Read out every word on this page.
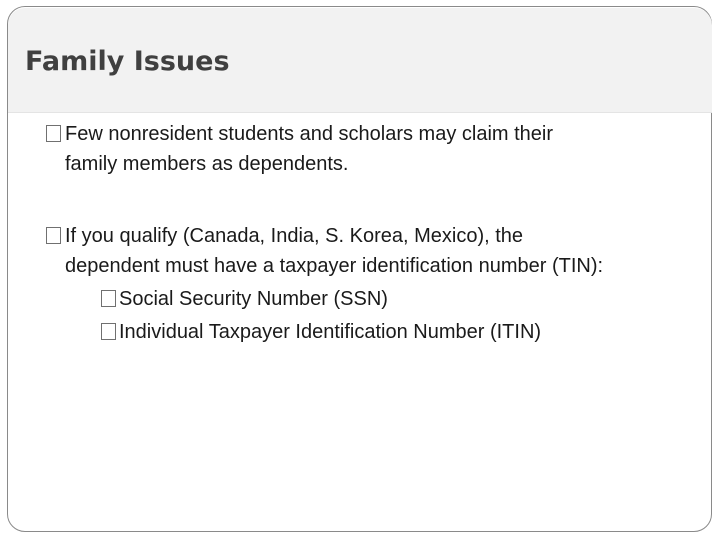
Family Issues
Few nonresident students and scholars may claim their
family members as dependents.
If you qualify (Canada, India, S. Korea, Mexico), the
dependent must have a taxpayer identification number (TIN):
Social Security Number (SSN)
Individual Taxpayer Identification Number (ITIN)
